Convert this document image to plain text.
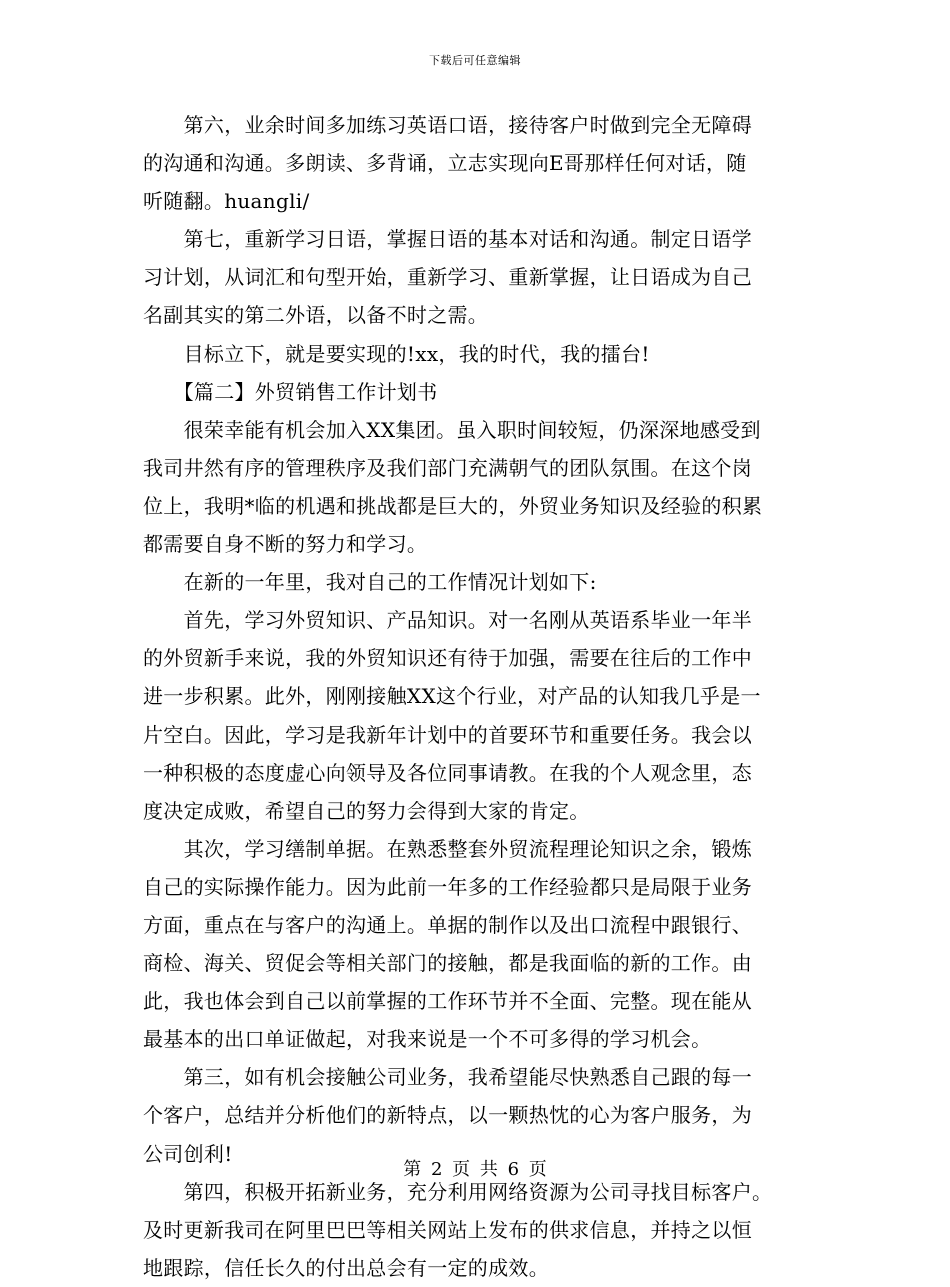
下载后可任意编辑
　　第六，业余时间多加练习英语口语，接待客户时做到完全无障碍
的沟通和沟通。多朗读、多背诵，立志实现向E哥那样任何对话，随
听随翻。huangli/
　　第七，重新学习日语，掌握日语的基本对话和沟通。制定日语学
习计划，从词汇和句型开始，重新学习、重新掌握，让日语成为自己
名副其实的第二外语，以备不时之需。
　　目标立下，就是要实现的!xx，我的时代，我的擂台!
　　【篇二】外贸销售工作计划书
　　很荣幸能有机会加入XX集团。虽入职时间较短，仍深深地感受到
我司井然有序的管理秩序及我们部门充满朝气的团队氛围。在这个岗
位上，我明*临的机遇和挑战都是巨大的，外贸业务知识及经验的积累
都需要自身不断的努力和学习。
　　在新的一年里，我对自己的工作情况计划如下:
　　首先，学习外贸知识、产品知识。对一名刚从英语系毕业一年半
的外贸新手来说，我的外贸知识还有待于加强，需要在往后的工作中
进一步积累。此外，刚刚接触XX这个行业，对产品的认知我几乎是一
片空白。因此，学习是我新年计划中的首要环节和重要任务。我会以
一种积极的态度虚心向领导及各位同事请教。在我的个人观念里，态
度决定成败，希望自己的努力会得到大家的肯定。
　　其次，学习缮制单据。在熟悉整套外贸流程理论知识之余，锻炼
自己的实际操作能力。因为此前一年多的工作经验都只是局限于业务
方面，重点在与客户的沟通上。单据的制作以及出口流程中跟银行、
商检、海关、贸促会等相关部门的接触，都是我面临的新的工作。由
此，我也体会到自己以前掌握的工作环节并不全面、完整。现在能从
最基本的出口单证做起，对我来说是一个不可多得的学习机会。
　　第三，如有机会接触公司业务，我希望能尽快熟悉自己跟的每一
个客户，总结并分析他们的新特点，以一颗热忱的心为客户服务，为
公司创利!
　　第四，积极开拓新业务，充分利用网络资源为公司寻找目标客户。
及时更新我司在阿里巴巴等相关网站上发布的供求信息，并持之以恒
地跟踪，信任长久的付出总会有一定的成效。
第 2 页 共 6 页
